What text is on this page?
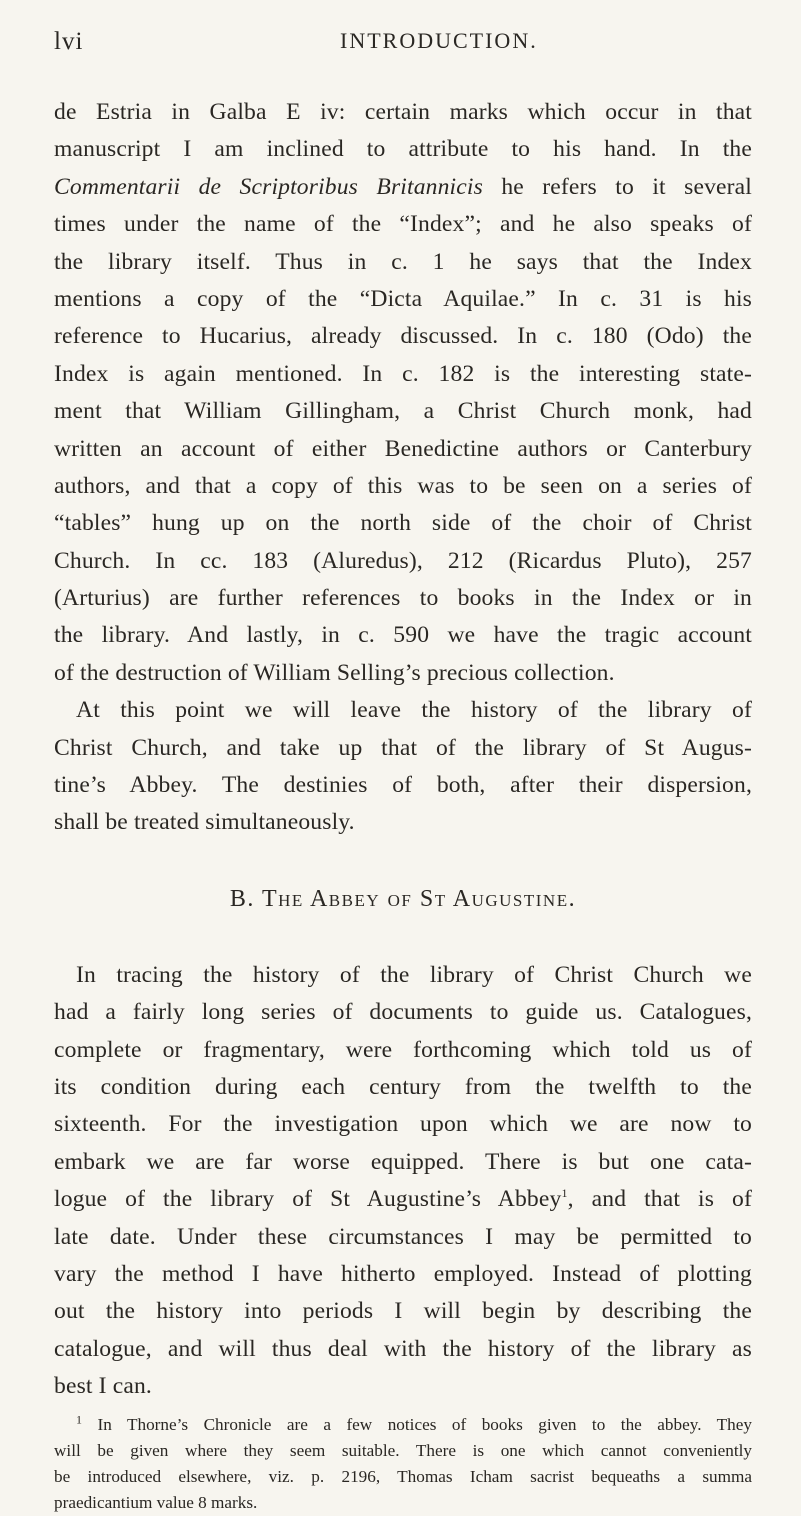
lvi	INTRODUCTION.
de Estria in Galba E iv: certain marks which occur in that
manuscript I am inclined to attribute to his hand. In the
Commentarii de Scriptoribus Britannicis he refers to it several
times under the name of the “Index”; and he also speaks of
the library itself. Thus in c. 1 he says that the Index
mentions a copy of the “Dicta Aquilae.” In c. 31 is his
reference to Hucarius, already discussed. In c. 180 (Odo) the
Index is again mentioned. In c. 182 is the interesting state-
ment that William Gillingham, a Christ Church monk, had
written an account of either Benedictine authors or Canterbury
authors, and that a copy of this was to be seen on a series of
“tables” hung up on the north side of the choir of Christ
Church. In cc. 183 (Aluredus), 212 (Ricardus Pluto), 257
(Arturius) are further references to books in the Index or in
the library. And lastly, in c. 590 we have the tragic account
of the destruction of William Selling’s precious collection.
At this point we will leave the history of the library of
Christ Church, and take up that of the library of St Augus-
tine’s Abbey. The destinies of both, after their dispersion,
shall be treated simultaneously.
B. The Abbey of St Augustine.
In tracing the history of the library of Christ Church we
had a fairly long series of documents to guide us. Catalogues,
complete or fragmentary, were forthcoming which told us of
its condition during each century from the twelfth to the
sixteenth. For the investigation upon which we are now to
embark we are far worse equipped. There is but one cata-
logue of the library of St Augustine’s Abbey$^1$, and that is of
late date. Under these circumstances I may be permitted to
vary the method I have hitherto employed. Instead of plotting
out the history into periods I will begin by describing the
catalogue, and will thus deal with the history of the library as
best I can.
$^1$ In Thorne’s Chronicle are a few notices of books given to the abbey. They
will be given where they seem suitable. There is one which cannot conveniently
be introduced elsewhere, viz. p. 2196, Thomas Icham sacrist bequeaths a summa
praedicantium value 8 marks.
